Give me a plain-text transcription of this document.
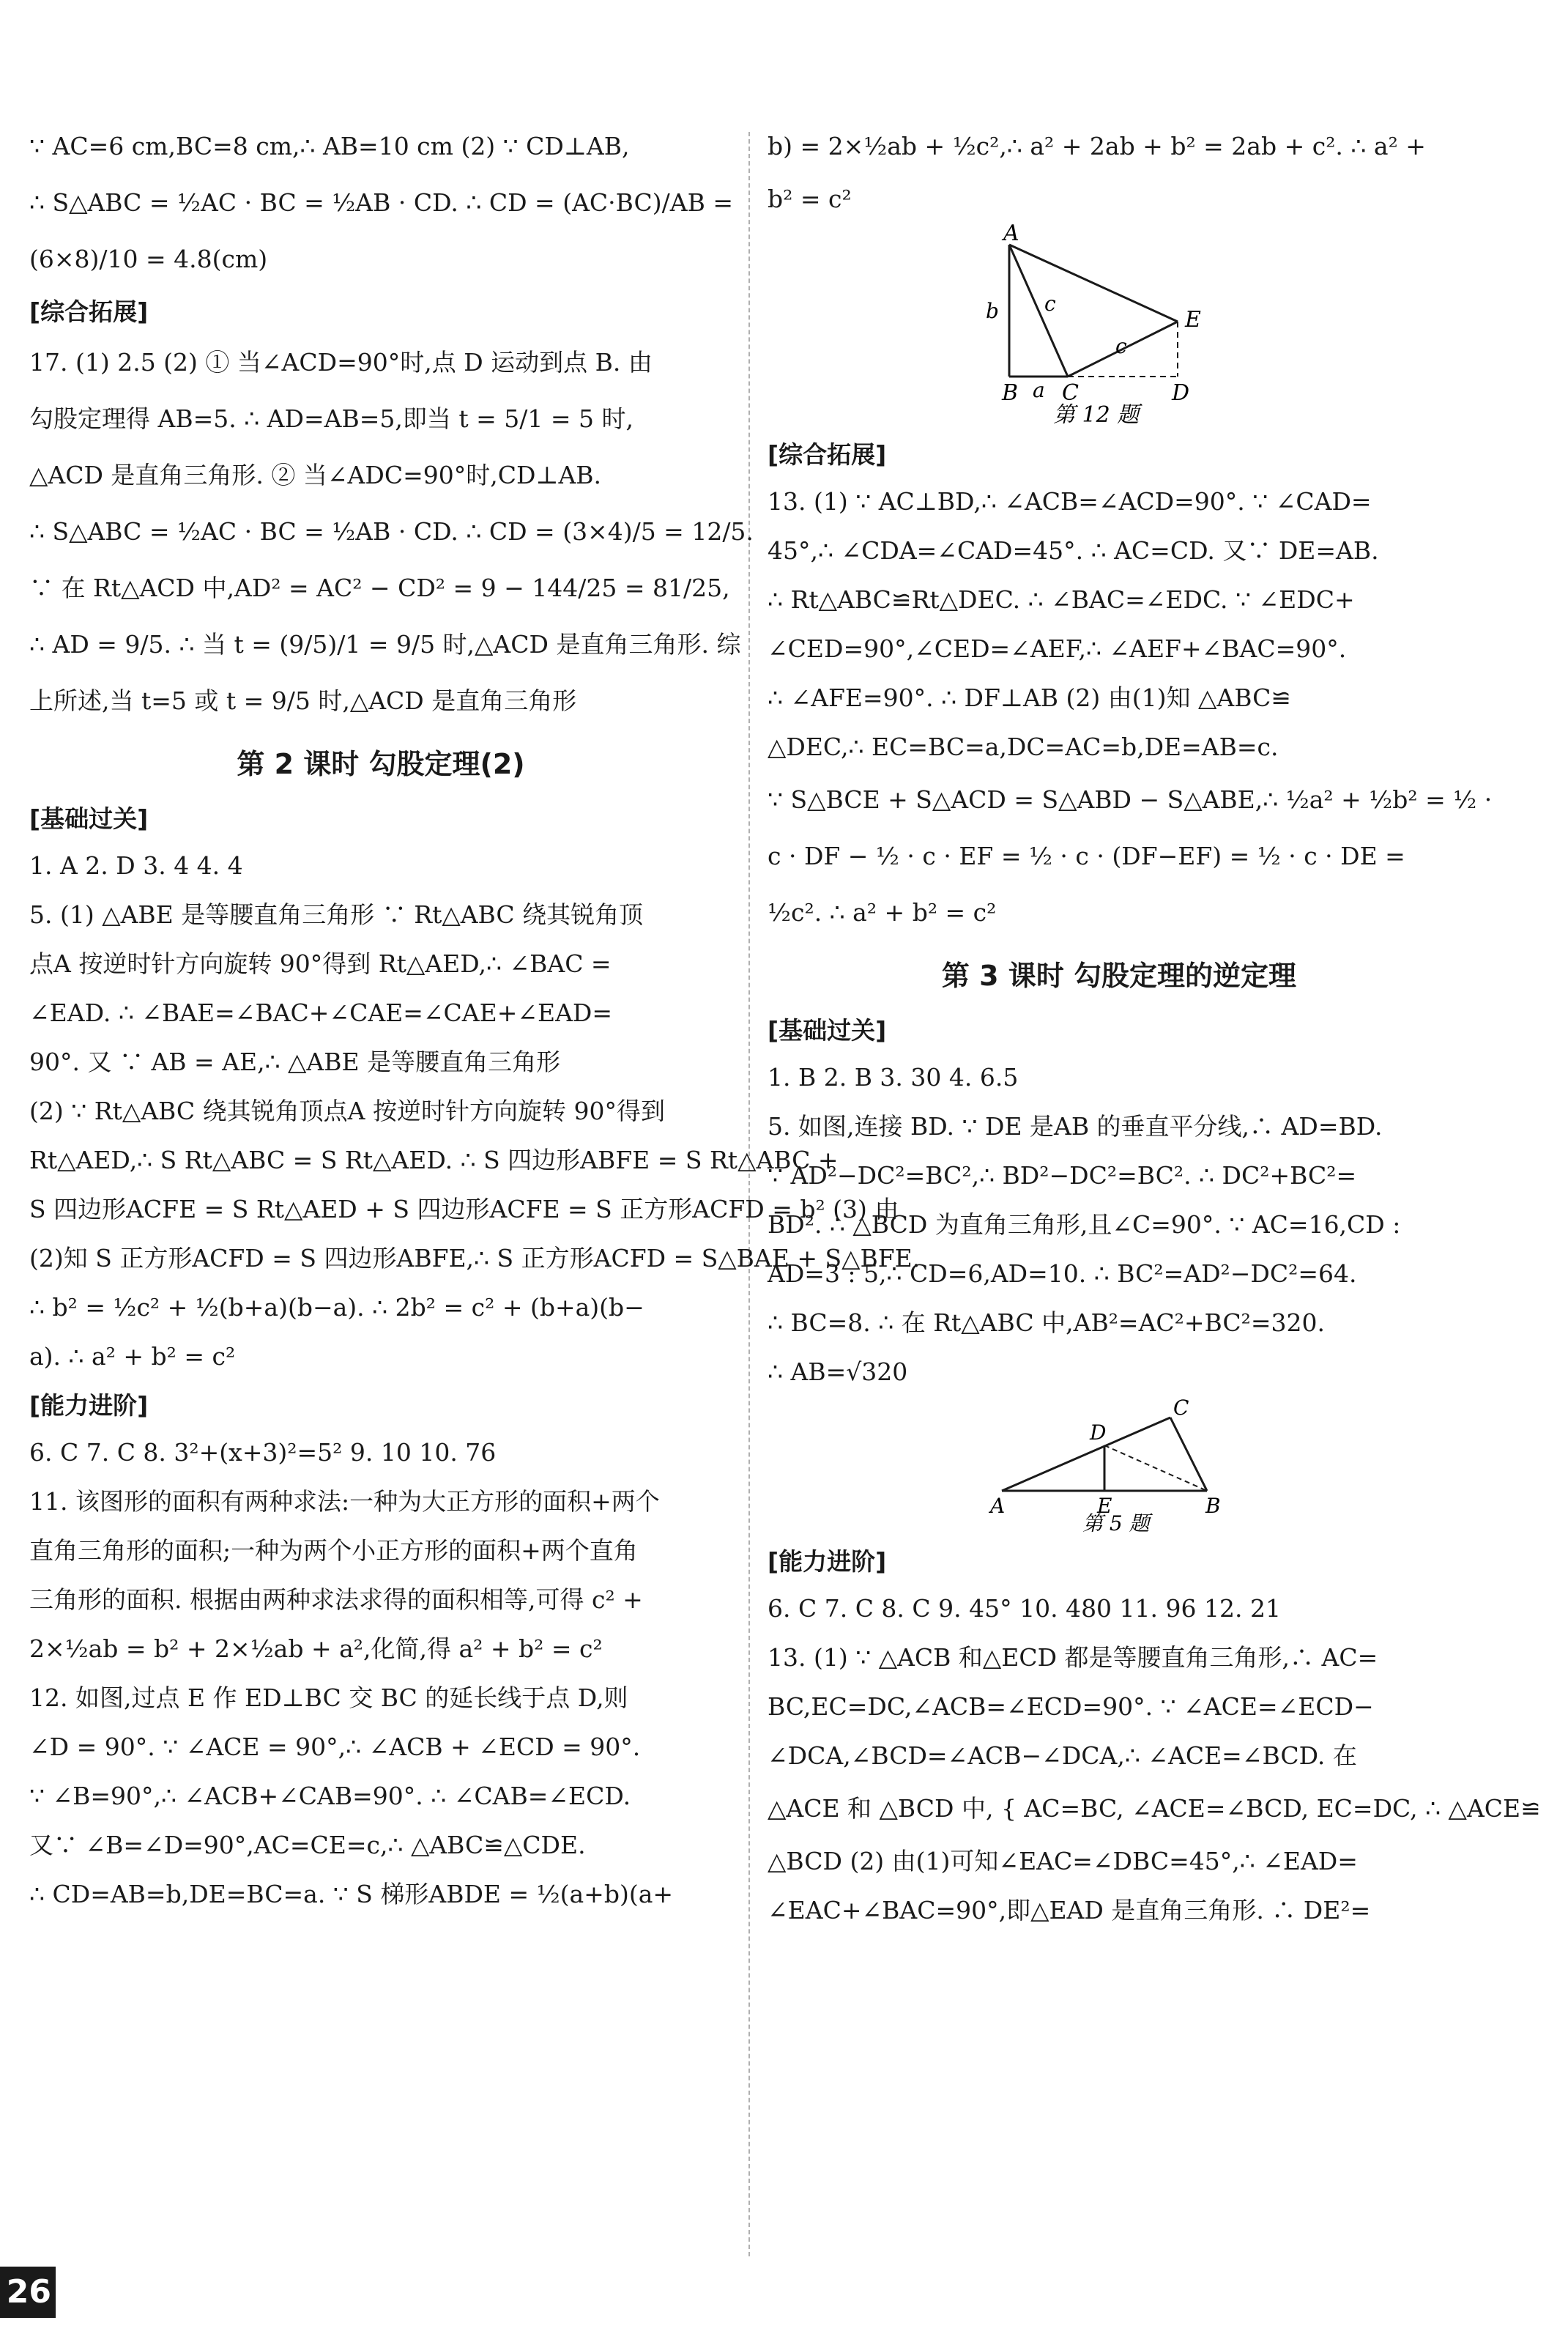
∵ AC=6 cm,BC=8 cm,∴ AB=10 cm (2) ∵ CD⊥AB,
∴ S△ABC = ½AC · BC = ½AB · CD. ∴ CD = (AC·BC)/AB =
(6×8)/10 = 4.8(cm)
[综合拓展]
17. (1) 2.5 (2) ① 当∠ACD=90°时,点 D 运动到点 B. 由
勾股定理得 AB=5. ∴ AD=AB=5,即当 t = 5/1 = 5 时,
△ACD 是直角三角形. ② 当∠ADC=90°时,CD⊥AB.
∴ S△ABC = ½AC · BC = ½AB · CD. ∴ CD = (3×4)/5 = 12/5.
∵ 在 Rt△ACD 中,AD² = AC² − CD² = 9 − 144/25 = 81/25,
∴ AD = 9/5. ∴ 当 t = (9/5)/1 = 9/5 时,△ACD 是直角三角形. 综
上所述,当 t=5 或 t = 9/5 时,△ACD 是直角三角形
第 2 课时 勾股定理(2)
[基础过关]
1. A 2. D 3. 4 4. 4
5. (1) △ABE 是等腰直角三角形 ∵ Rt△ABC 绕其锐角顶
点A 按逆时针方向旋转 90°得到 Rt△AED,∴ ∠BAC =
∠EAD. ∴ ∠BAE=∠BAC+∠CAE=∠CAE+∠EAD=
90°. 又 ∵ AB = AE,∴ △ABE 是等腰直角三角形
(2) ∵ Rt△ABC 绕其锐角顶点A 按逆时针方向旋转 90°得到
Rt△AED,∴ S Rt△ABC = S Rt△AED. ∴ S 四边形ABFE = S Rt△ABC +
S 四边形ACFE = S Rt△AED + S 四边形ACFE = S 正方形ACFD = b² (3) 由
(2)知 S 正方形ACFD = S 四边形ABFE,∴ S 正方形ACFD = S△BAE + S△BFE.
∴ b² = ½c² + ½(b+a)(b−a). ∴ 2b² = c² + (b+a)(b−
a). ∴ a² + b² = c²
[能力进阶]
6. C 7. C 8. 3²+(x+3)²=5² 9. 10 10. 76
11. 该图形的面积有两种求法:一种为大正方形的面积+两个
直角三角形的面积;一种为两个小正方形的面积+两个直角
三角形的面积. 根据由两种求法求得的面积相等,可得 c² +
2×½ab = b² + 2×½ab + a²,化简,得 a² + b² = c²
12. 如图,过点 E 作 ED⊥BC 交 BC 的延长线于点 D,则
∠D = 90°. ∵ ∠ACE = 90°,∴ ∠ACB + ∠ECD = 90°.
∵ ∠B=90°,∴ ∠ACB+∠CAB=90°. ∴ ∠CAB=∠ECD.
又∵ ∠B=∠D=90°,AC=CE=c,∴ △ABC≌△CDE.
∴ CD=AB=b,DE=BC=a. ∵ S 梯形ABDE = ½(a+b)(a+
b) = 2×½ab + ½c²,∴ a² + 2ab + b² = 2ab + c². ∴ a² +
b² = c²
A
b c
c
E
B a C	D
第 12 题
[综合拓展]
13. (1) ∵ AC⊥BD,∴ ∠ACB=∠ACD=90°. ∵ ∠CAD=
45°,∴ ∠CDA=∠CAD=45°. ∴ AC=CD. 又∵ DE=AB.
∴ Rt△ABC≌Rt△DEC. ∴ ∠BAC=∠EDC. ∵ ∠EDC+
∠CED=90°,∠CED=∠AEF,∴ ∠AEF+∠BAC=90°.
∴ ∠AFE=90°. ∴ DF⊥AB (2) 由(1)知 △ABC≌
△DEC,∴ EC=BC=a,DC=AC=b,DE=AB=c.
∵ S△BCE + S△ACD = S△ABD − S△ABE,∴ ½a² + ½b² = ½ ·
c · DF − ½ · c · EF = ½ · c · (DF−EF) = ½ · c · DE =
½c². ∴ a² + b² = c²
第 3 课时 勾股定理的逆定理
[基础过关]
1. B 2. B 3. 30 4. 6.5
5. 如图,连接 BD. ∵ DE 是AB 的垂直平分线,∴ AD=BD.
∵ AD²−DC²=BC²,∴ BD²−DC²=BC². ∴ DC²+BC²=
BD². ∴ △BCD 为直角三角形,且∠C=90°. ∵ AC=16,CD :
AD=3 : 5,∴ CD=6,AD=10. ∴ BC²=AD²−DC²=64.
∴ BC=8. ∴ 在 Rt△ABC 中,AB²=AC²+BC²=320.
∴ AB=√320
C
D
A	E	B
第 5 题
[能力进阶]
6. C 7. C 8. C 9. 45° 10. 480 11. 96 12. 21
13. (1) ∵ △ACB 和△ECD 都是等腰直角三角形,∴ AC=
BC,EC=DC,∠ACB=∠ECD=90°. ∵ ∠ACE=∠ECD−
∠DCA,∠BCD=∠ACB−∠DCA,∴ ∠ACE=∠BCD. 在
△ACE 和 △BCD 中, { AC=BC, ∠ACE=∠BCD, EC=DC, ∴ △ACE≌
△BCD (2) 由(1)可知∠EAC=∠DBC=45°,∴ ∠EAD=
∠EAC+∠BAC=90°,即△EAD 是直角三角形. ∴ DE²=
26
